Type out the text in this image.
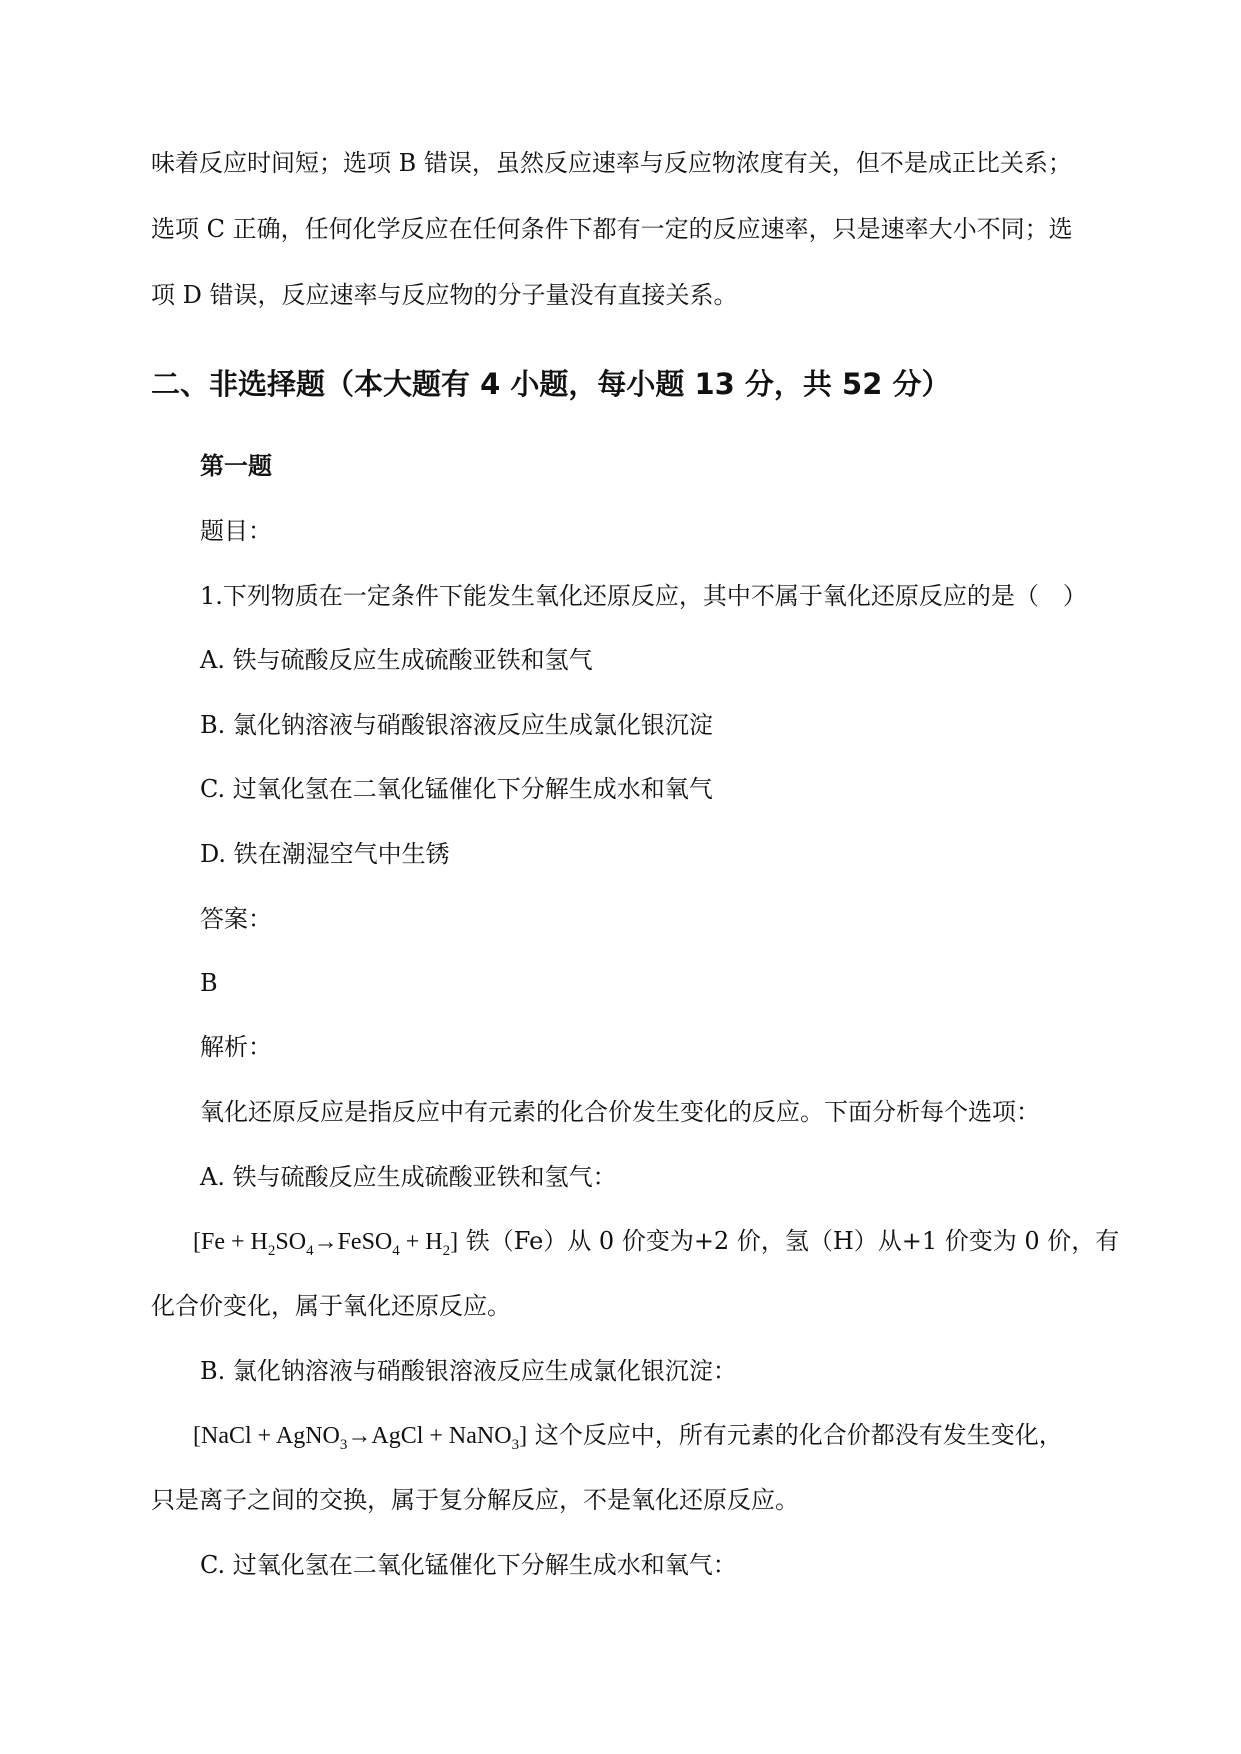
味着反应时间短；选项 B 错误，虽然反应速率与反应物浓度有关，但不是成正比关系；

选项 C 正确，任何化学反应在任何条件下都有一定的反应速率，只是速率大小不同；选

项 D 错误，反应速率与反应物的分子量没有直接关系。

二、非选择题（本大题有 4 小题，每小题 13 分，共 52 分）
第一题

题目：

1.下列物质在一定条件下能发生氧化还原反应，其中不属于氧化还原反应的是（　）

A. 铁与硫酸反应生成硫酸亚铁和氢气

B. 氯化钠溶液与硝酸银溶液反应生成氯化银沉淀

C. 过氧化氢在二氧化锰催化下分解生成水和氧气

D. 铁在潮湿空气中生锈

答案：

B

解析：

氧化还原反应是指反应中有元素的化合价发生变化的反应。下面分析每个选项：

A. 铁与硫酸反应生成硫酸亚铁和氢气：

$[Fe + H_2SO_4\to FeSO_4 + H_2]$ 铁（Fe）从 0 价变为+2 价，氢（H）从+1 价变为 0 价，有

化合价变化，属于氧化还原反应。

B. 氯化钠溶液与硝酸银溶液反应生成氯化银沉淀：

[NaCl + AgNO$_3$→AgCl + NaNO$_3$] 这个反应中，所有元素的化合价都没有发生变化，

只是离子之间的交换，属于复分解反应，不是氧化还原反应。

C. 过氧化氢在二氧化锰催化下分解生成水和氧气：
